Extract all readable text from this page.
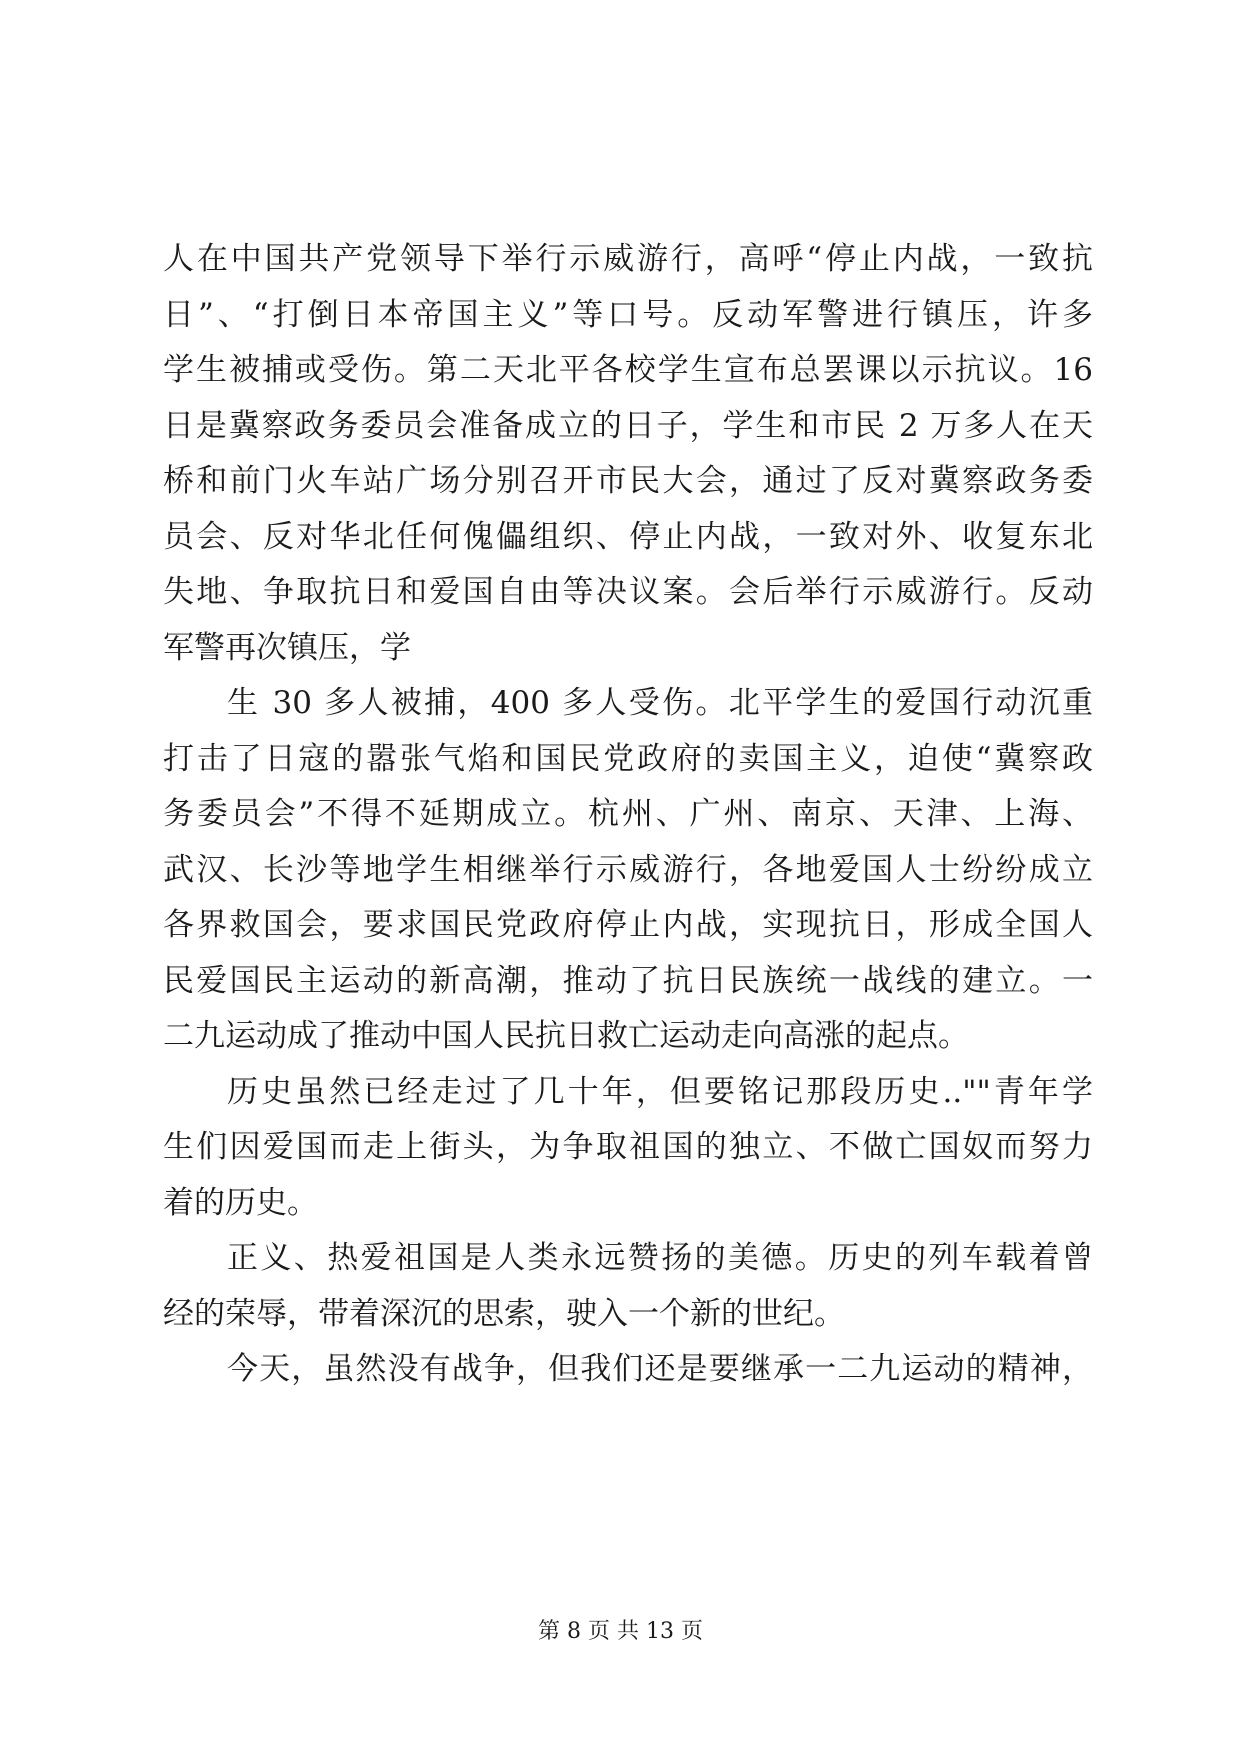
人在中国共产党领导下举行示威游行，高呼“停止内战，一致抗
日”、“打倒日本帝国主义”等口号。反动军警进行镇压，许多
学生被捕或受伤。第二天北平各校学生宣布总罢课以示抗议。16
日是冀察政务委员会准备成立的日子，学生和市民 2 万多人在天
桥和前门火车站广场分别召开市民大会，通过了反对冀察政务委
员会、反对华北任何傀儡组织、停止内战，一致对外、收复东北
失地、争取抗日和爱国自由等决议案。会后举行示威游行。反动
军警再次镇压，学
生 30 多人被捕，400 多人受伤。北平学生的爱国行动沉重
打击了日寇的嚣张气焰和国民党政府的卖国主义，迫使“冀察政
务委员会”不得不延期成立。杭州、广州、南京、天津、上海、
武汉、长沙等地学生相继举行示威游行，各地爱国人士纷纷成立
各界救国会，要求国民党政府停止内战，实现抗日，形成全国人
民爱国民主运动的新高潮，推动了抗日民族统一战线的建立。一
二九运动成了推动中国人民抗日救亡运动走向高涨的起点。
历史虽然已经走过了几十年，但要铭记那段历史..""青年学
生们因爱国而走上街头，为争取祖国的独立、不做亡国奴而努力
着的历史。
正义、热爱祖国是人类永远赞扬的美德。历史的列车载着曾
经的荣辱，带着深沉的思索，驶入一个新的世纪。
今天，虽然没有战争，但我们还是要继承一二九运动的精神，
第 8 页 共 13 页
